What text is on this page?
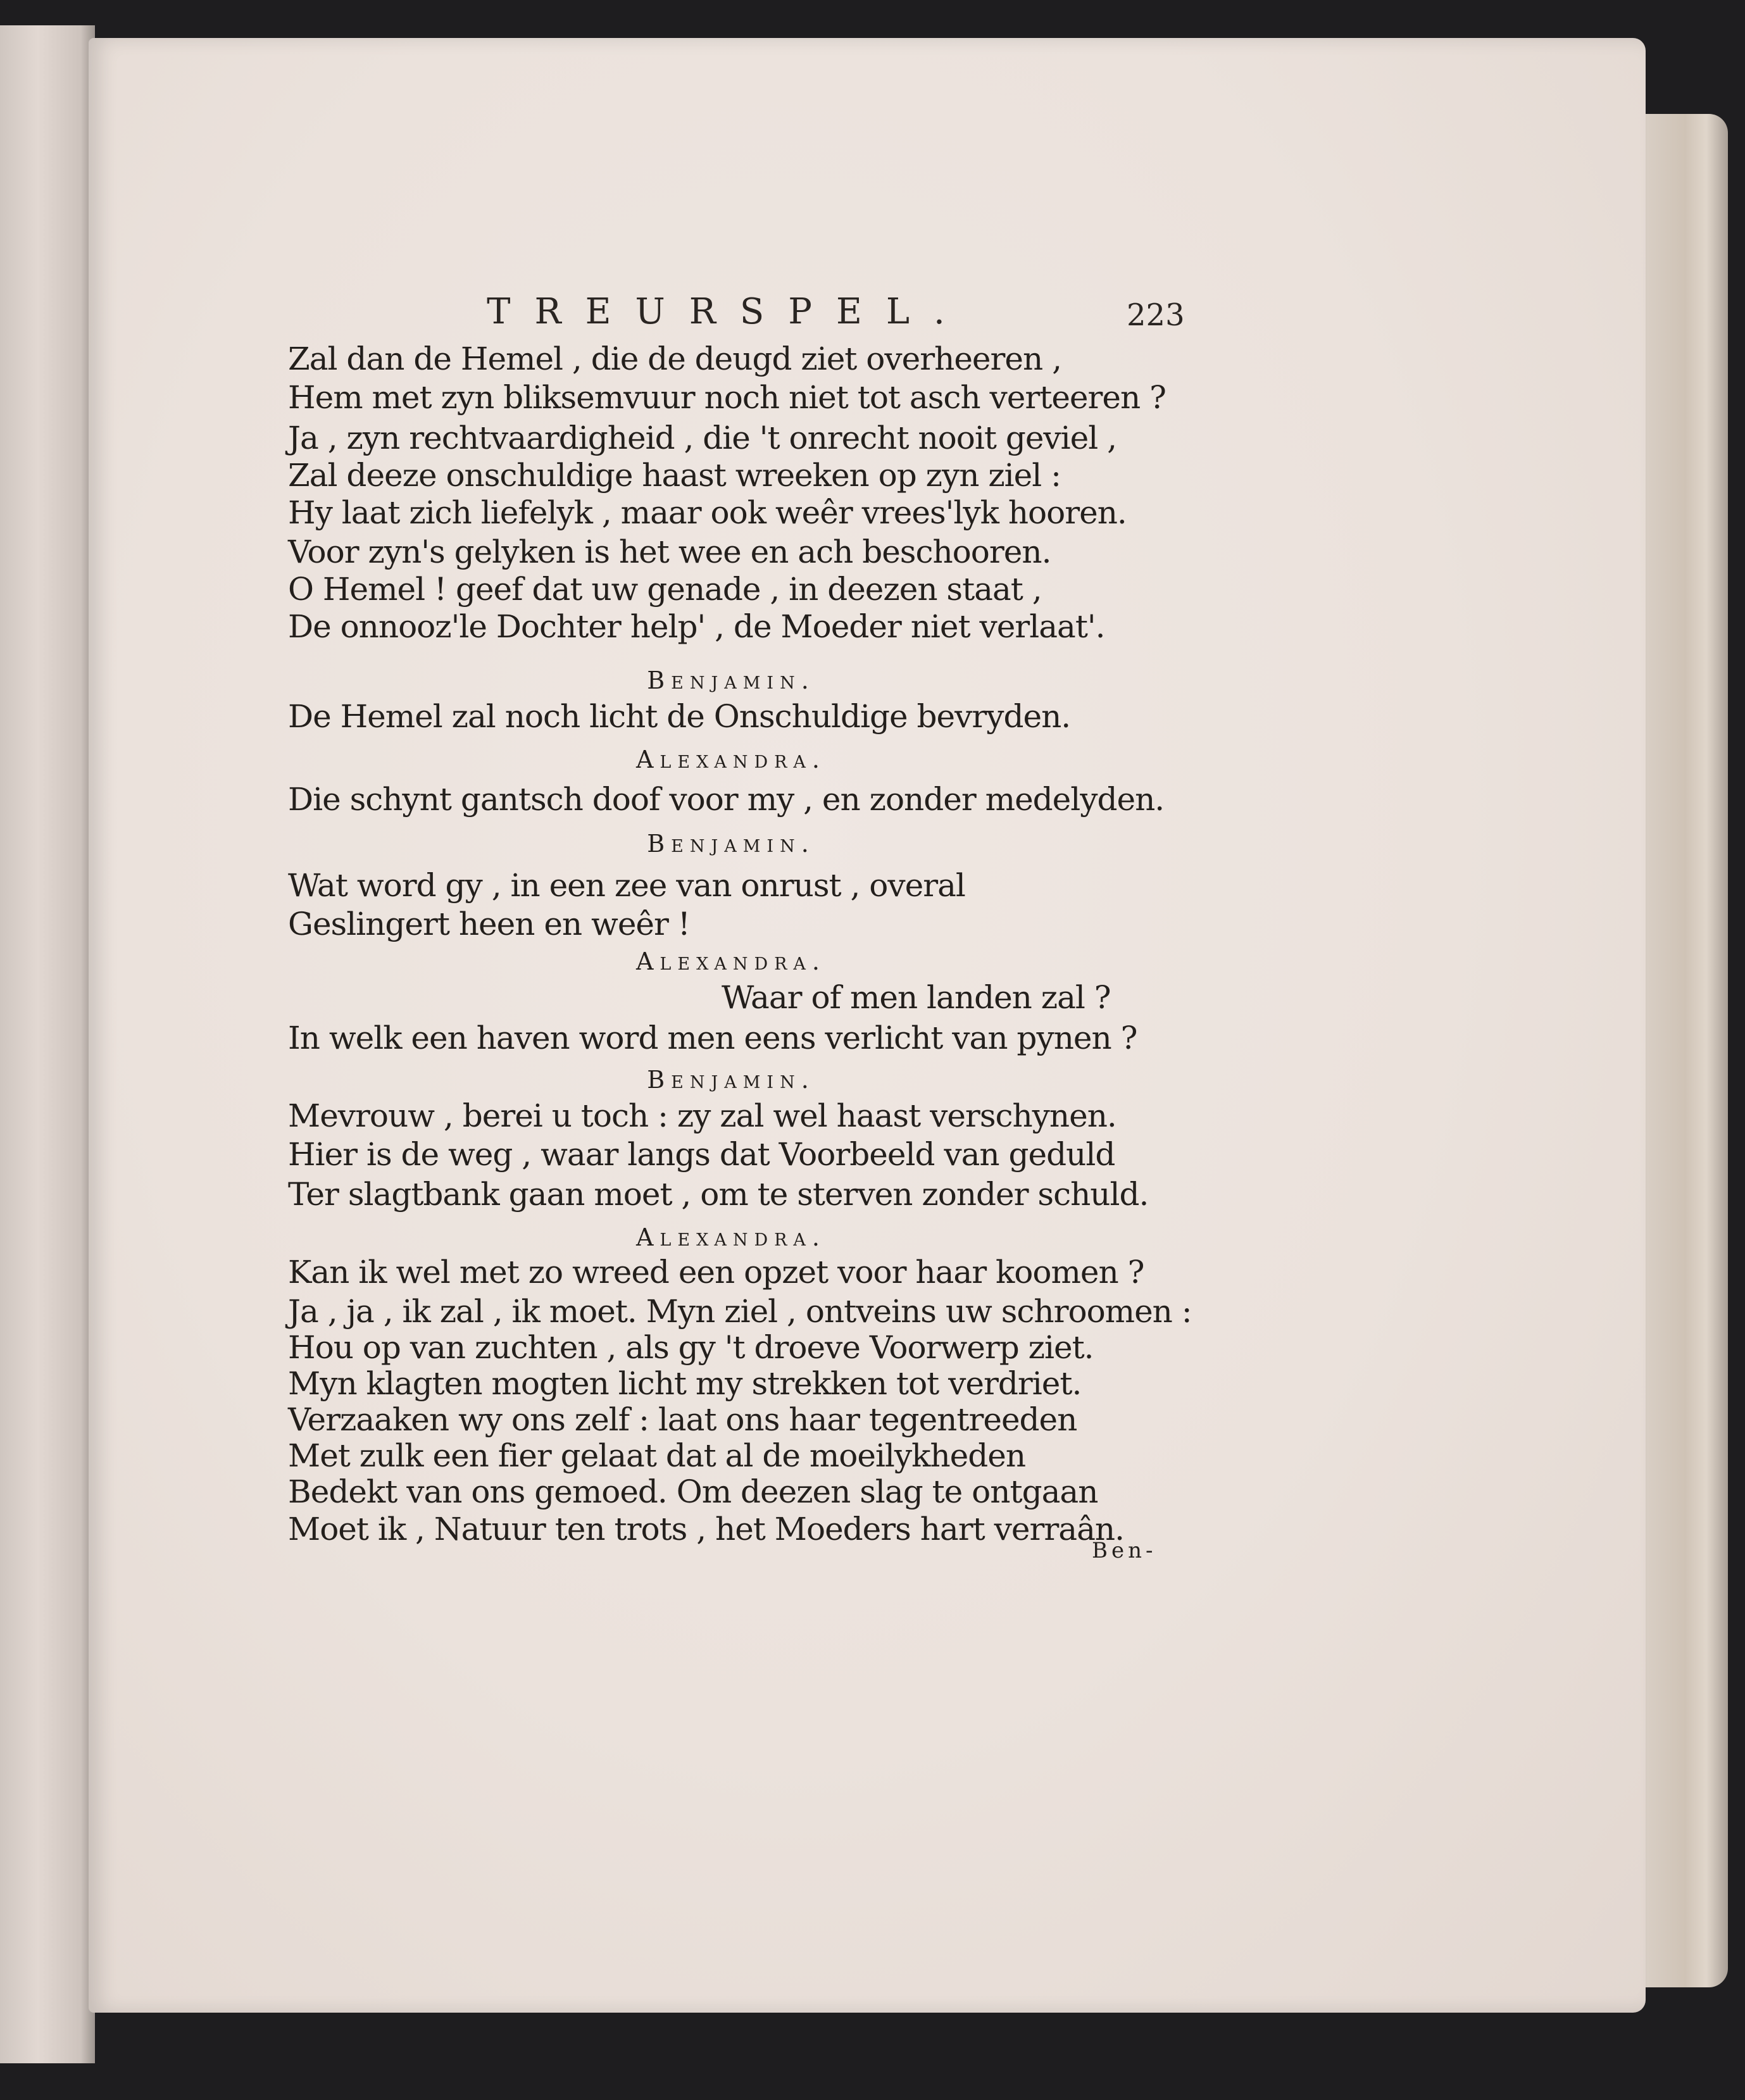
TREURSPEL.	223
Zal dan de Hemel , die de deugd ziet overheeren ,
Hem met zyn bliksemvuur noch niet tot asch verteeren ?
Ja , zyn rechtvaardigheid , die 't onrecht nooit geviel ,
Zal deeze onschuldige haast wreeken op zyn ziel :
Hy laat zich liefelyk , maar ook weêr vrees'lyk hooren.
Voor zyn's gelyken is het wee en ach beschooren.
O Hemel ! geef dat uw genade , in deezen staat ,
De onnooz'le Dochter help' , de Moeder niet verlaat'.
Benjamin.
De Hemel zal noch licht de Onschuldige bevryden.
Alexandra.
Die schynt gantsch doof voor my , en zonder medelyden.
Benjamin.
Wat word gy , in een zee van onrust , overal
Geslingert heen en weêr !
Alexandra.
Waar of men landen zal ?
In welk een haven word men eens verlicht van pynen ?
Benjamin.
Mevrouw , berei u toch : zy zal wel haast verschynen.
Hier is de weg , waar langs dat Voorbeeld van geduld
Ter slagtbank gaan moet , om te sterven zonder schuld.
Alexandra.
Kan ik wel met zo wreed een opzet voor haar koomen ?
Ja , ja , ik zal , ik moet. Myn ziel , ontveins uw schroomen :
Hou op van zuchten , als gy 't droeve Voorwerp ziet.
Myn klagten mogten licht my strekken tot verdriet.
Verzaaken wy ons zelf : laat ons haar tegentreeden
Met zulk een fier gelaat dat al de moeilykheden
Bedekt van ons gemoed. Om deezen slag te ontgaan
Moet ik , Natuur ten trots , het Moeders hart verraân.
Ben-
